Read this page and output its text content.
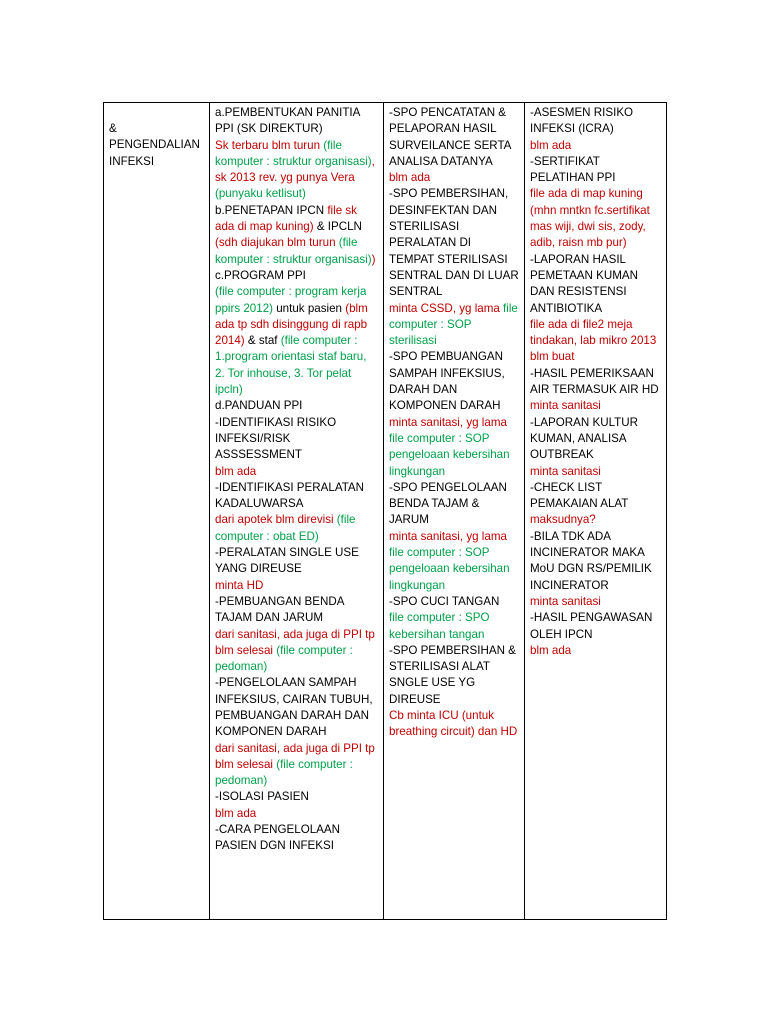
&
PENGENDALIAN INFEKSI

a.PEMBENTUKAN PANITIA PPI (SK DIREKTUR)
Sk terbaru blm turun (file komputer : struktur organisasi), sk 2013 rev. yg punya Vera (punyaku ketlisut)
b.PENETAPAN IPCN file sk ada di map kuning) & IPCLN (sdh diajukan blm turun (file komputer : struktur organisasi))
c.PROGRAM PPI
(file computer : program kerja ppirs 2012) untuk pasien (blm ada tp sdh disinggung di rapb 2014) & staf (file computer : 1.program orientasi staf baru, 2. Tor inhouse, 3. Tor pelat ipcln)
d.PANDUAN PPI
-IDENTIFIKASI RISIKO INFEKSI/RISK ASSSESSMENT
blm ada
-IDENTIFIKASI PERALATAN KADALUWARSA
dari apotek blm direvisi (file computer : obat ED)
-PERALATAN SINGLE USE YANG DIREUSE
minta HD
-PEMBUANGAN BENDA TAJAM DAN JARUM
dari sanitasi, ada juga di PPI tp blm selesai (file computer : pedoman)
-PENGELOLAAN SAMPAH INFEKSIUS, CAIRAN TUBUH, PEMBUANGAN DARAH DAN KOMPONEN DARAH
dari sanitasi, ada juga di PPI tp blm selesai (file computer : pedoman)
-ISOLASI PASIEN
blm ada
-CARA PENGELOLAAN PASIEN DGN INFEKSI

-SPO PENCATATAN & PELAPORAN HASIL SURVEILANCE SERTA ANALISA DATANYA
blm ada
-SPO PEMBERSIHAN, DESINFEKTAN DAN STERILISASI PERALATAN DI TEMPAT STERILISASI SENTRAL DAN DI LUAR SENTRAL
minta CSSD, yg lama file computer : SOP sterilisasi
-SPO PEMBUANGAN SAMPAH INFEKSIUS, DARAH DAN KOMPONEN DARAH
minta sanitasi, yg lama file computer : SOP pengeloaan kebersihan lingkungan
-SPO PENGELOLAAN BENDA TAJAM & JARUM
minta sanitasi, yg lama file computer : SOP pengeloaan kebersihan lingkungan
-SPO CUCI TANGAN
file computer : SPO kebersihan tangan
-SPO PEMBERSIHAN & STERILISASI ALAT SNGLE USE YG DIREUSE
Cb minta ICU (untuk breathing circuit) dan HD

-ASESMEN RISIKO INFEKSI (ICRA)
blm ada
-SERTIFIKAT PELATIHAN PPI
file ada di map kuning (mhn mntkn fc.sertifikat mas wiji, dwi sis, zody, adib, raisn mb pur)
-LAPORAN HASIL PEMETAAN KUMAN DAN RESISTENSI ANTIBIOTIKA
file ada di file2 meja tindakan, lab mikro 2013 blm buat
-HASIL PEMERIKSAAN AIR TERMASUK AIR HD
minta sanitasi
-LAPORAN KULTUR KUMAN, ANALISA OUTBREAK
minta sanitasi
-CHECK LIST PEMAKAIAN ALAT
maksudnya?
-BILA TDK ADA INCINERATOR MAKA MoU DGN RS/PEMILIK INCINERATOR
minta sanitasi
-HASIL PENGAWASAN OLEH IPCN
blm ada
